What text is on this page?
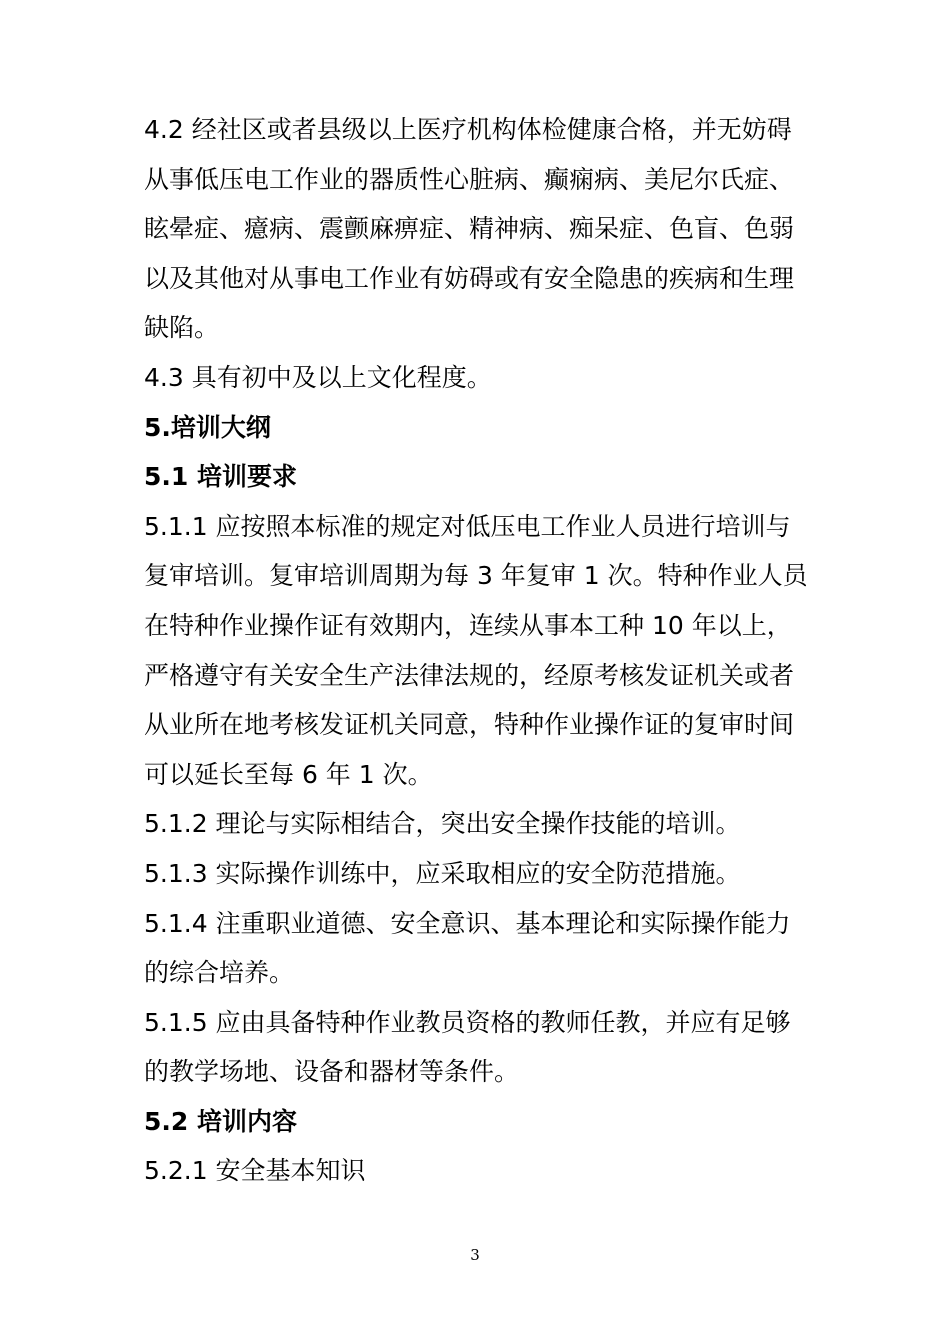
4.2 经社区或者县级以上医疗机构体检健康合格，并无妨碍从事低压电工作业的器质性心脏病、癫痫病、美尼尔氏症、眩晕症、癔病、震颤麻痹症、精神病、痴呆症、色盲、色弱以及其他对从事电工作业有妨碍或有安全隐患的疾病和生理缺陷。

4.3 具有初中及以上文化程度。

5.培训大纲

5.1 培训要求

5.1.1 应按照本标准的规定对低压电工作业人员进行培训与复审培训。复审培训周期为每 3 年复审 1 次。特种作业人员在特种作业操作证有效期内，连续从事本工种 10 年以上，严格遵守有关安全生产法律法规的，经原考核发证机关或者从业所在地考核发证机关同意，特种作业操作证的复审时间可以延长至每 6 年 1 次。

5.1.2 理论与实际相结合，突出安全操作技能的培训。

5.1.3 实际操作训练中，应采取相应的安全防范措施。

5.1.4 注重职业道德、安全意识、基本理论和实际操作能力的综合培养。

5.1.5 应由具备特种作业教员资格的教师任教，并应有足够的教学场地、设备和器材等条件。

5.2 培训内容

5.2.1 安全基本知识

3
